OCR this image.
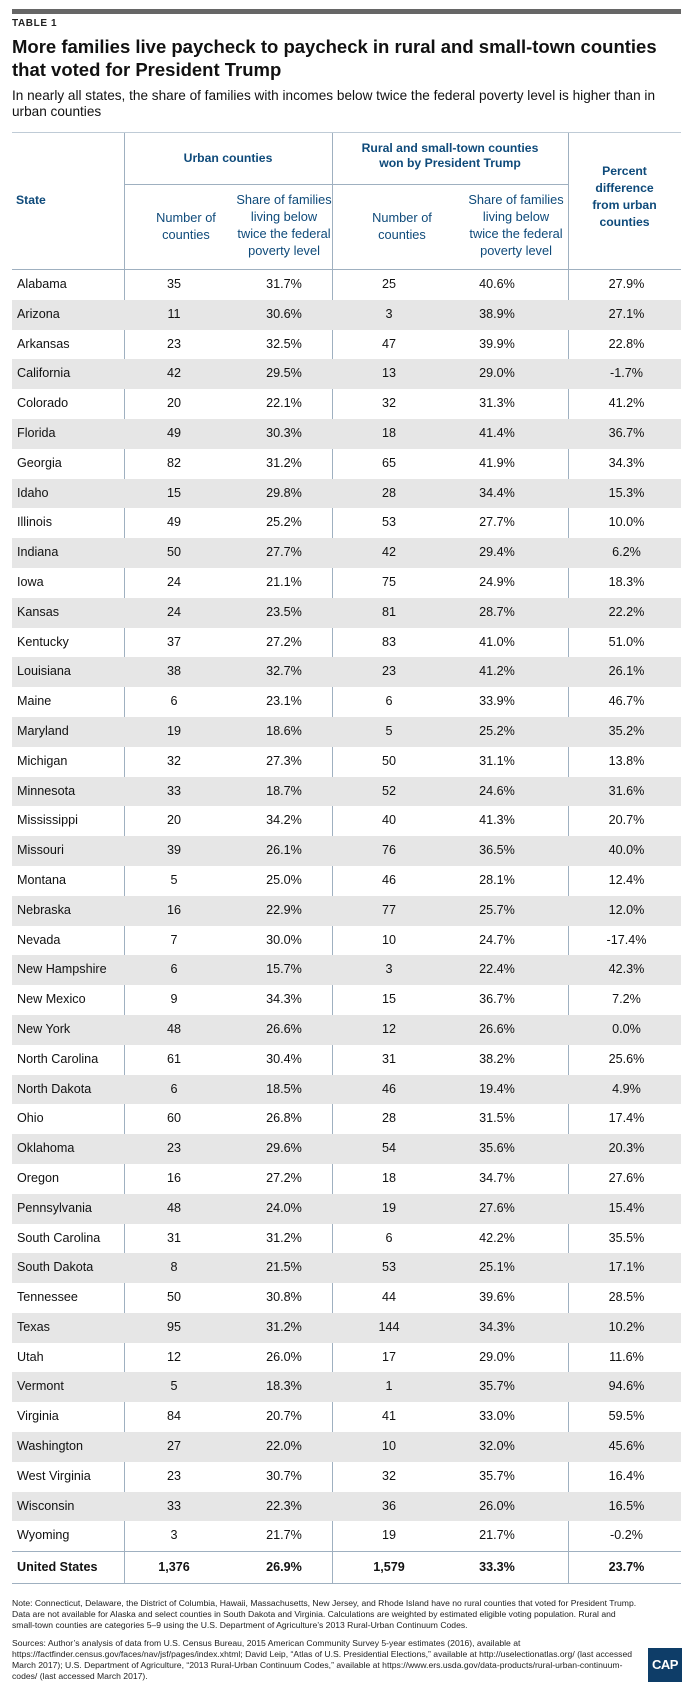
TABLE 1
More families live paycheck to paycheck in rural and small-town counties that voted for President Trump
In nearly all states, the share of families with incomes below twice the federal poverty level is higher than in urban counties
State
Urban counties
Rural and small-town counties
won by President Trump
Percent
difference
from urban
counties
Number of
counties
Share of families
living below
twice the federal
poverty level
Number of
counties
Share of families
living below
twice the federal
poverty level
Alabama	35	31.7%	25	40.6%	27.9%
Arizona	11	30.6%	3	38.9%	27.1%
Arkansas	23	32.5%	47	39.9%	22.8%
California	42	29.5%	13	29.0%	-1.7%
Colorado	20	22.1%	32	31.3%	41.2%
Florida	49	30.3%	18	41.4%	36.7%
Georgia	82	31.2%	65	41.9%	34.3%
Idaho	15	29.8%	28	34.4%	15.3%
Illinois	49	25.2%	53	27.7%	10.0%
Indiana	50	27.7%	42	29.4%	6.2%
Iowa	24	21.1%	75	24.9%	18.3%
Kansas	24	23.5%	81	28.7%	22.2%
Kentucky	37	27.2%	83	41.0%	51.0%
Louisiana	38	32.7%	23	41.2%	26.1%
Maine	6	23.1%	6	33.9%	46.7%
Maryland	19	18.6%	5	25.2%	35.2%
Michigan	32	27.3%	50	31.1%	13.8%
Minnesota	33	18.7%	52	24.6%	31.6%
Mississippi	20	34.2%	40	41.3%	20.7%
Missouri	39	26.1%	76	36.5%	40.0%
Montana	5	25.0%	46	28.1%	12.4%
Nebraska	16	22.9%	77	25.7%	12.0%
Nevada	7	30.0%	10	24.7%	-17.4%
New Hampshire	6	15.7%	3	22.4%	42.3%
New Mexico	9	34.3%	15	36.7%	7.2%
New York	48	26.6%	12	26.6%	0.0%
North Carolina	61	30.4%	31	38.2%	25.6%
North Dakota	6	18.5%	46	19.4%	4.9%
Ohio	60	26.8%	28	31.5%	17.4%
Oklahoma	23	29.6%	54	35.6%	20.3%
Oregon	16	27.2%	18	34.7%	27.6%
Pennsylvania	48	24.0%	19	27.6%	15.4%
South Carolina	31	31.2%	6	42.2%	35.5%
South Dakota	8	21.5%	53	25.1%	17.1%
Tennessee	50	30.8%	44	39.6%	28.5%
Texas	95	31.2%	144	34.3%	10.2%
Utah	12	26.0%	17	29.0%	11.6%
Vermont	5	18.3%	1	35.7%	94.6%
Virginia	84	20.7%	41	33.0%	59.5%
Washington	27	22.0%	10	32.0%	45.6%
West Virginia	23	30.7%	32	35.7%	16.4%
Wisconsin	33	22.3%	36	26.0%	16.5%
Wyoming	3	21.7%	19	21.7%	-0.2%
United States	1,376	26.9%	1,579	33.3%	23.7%
Note: Connecticut, Delaware, the District of Columbia, Hawaii, Massachusetts, New Jersey, and Rhode Island have no rural counties that voted for President Trump. Data are not available for Alaska and select counties in South Dakota and Virginia. Calculations are weighted by estimated eligible voting population. Rural and small-town counties are categories 5–9 using the U.S. Department of Agriculture’s 2013 Rural-Urban Continuum Codes.
Sources: Author’s analysis of data from U.S. Census Bureau, 2015 American Community Survey 5-year estimates (2016), available at https://factfinder.census.gov/faces/nav/jsf/pages/index.xhtml; David Leip, “Atlas of U.S. Presidential Elections,” available at http://uselectionatlas.org/ (last accessed March 2017); U.S. Department of Agriculture, “2013 Rural-Urban Continuum Codes,” available at https://www.ers.usda.gov/data-products/rural-urban-continuum-codes/ (last accessed March 2017).
CAP
